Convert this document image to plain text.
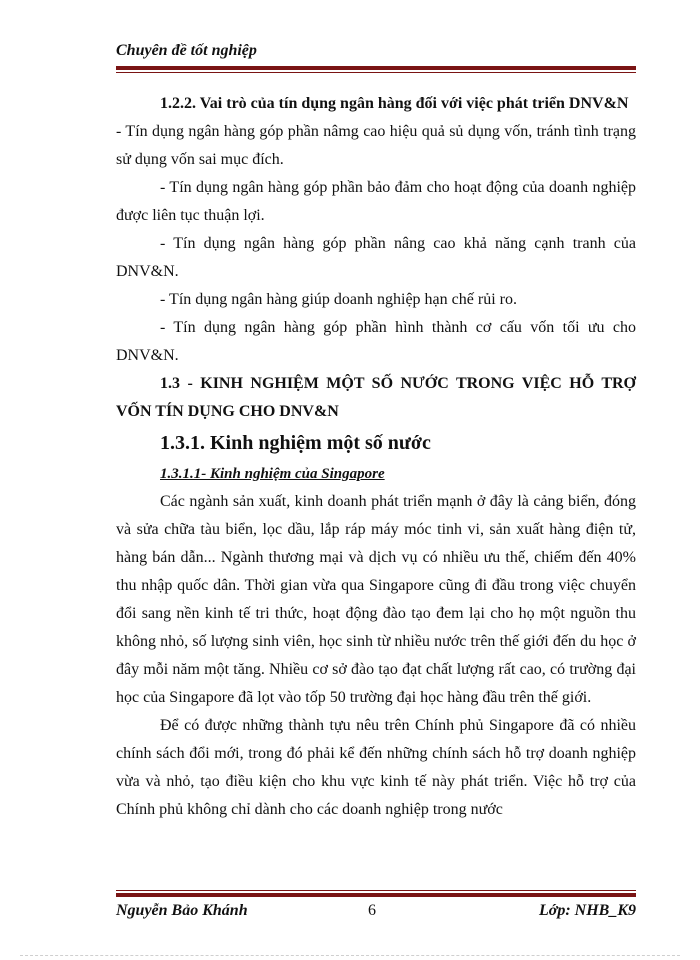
Chuyên đề tốt nghiệp

1.2.2. Vai trò của tín dụng ngân hàng đối với việc phát triển DNV&N

- Tín dụng ngân hàng góp phần nâmg cao hiệu quả sủ dụng vốn, tránh tình trạng sử dụng vốn sai mục đích.

- Tín dụng ngân hàng góp phần bảo đảm cho hoạt động của doanh nghiệp được liên tục thuận lợi.

- Tín dụng ngân hàng góp phần nâng cao khả năng cạnh tranh của DNV&N.

- Tín dụng ngân hàng giúp doanh nghiệp hạn chế rủi ro.

- Tín dụng ngân hàng góp phần hình thành cơ cấu vốn tối ưu cho DNV&N.

1.3 - KINH NGHIỆM MỘT SỐ NƯỚC TRONG VIỆC HỖ TRỢ VỐN TÍN DỤNG CHO DNV&N

1.3.1. Kinh nghiệm một số nước

1.3.1.1- Kinh nghiệm của Singapore

Các ngành sản xuất, kinh doanh phát triển mạnh ở đây là cảng biển, đóng và sửa chữa tàu biển, lọc dầu, lắp ráp máy móc tinh vi, sản xuất hàng điện tử, hàng bán dẫn... Ngành thương mại và dịch vụ có nhiều ưu thế, chiếm đến 40% thu nhập quốc dân. Thời gian vừa qua Singapore cũng đi đầu trong việc chuyển đổi sang nền kinh tế tri thức, hoạt động đào tạo đem lại cho họ một nguồn thu không nhỏ, số lượng sinh viên, học sinh từ nhiều nước trên thế giới đến du học ở đây mỗi năm một tăng. Nhiều cơ sở đào tạo đạt chất lượng rất cao, có trường đại học của Singapore đã lọt vào tốp 50 trường đại học hàng đầu trên thế giới.

Để có được những thành tựu nêu trên Chính phủ Singapore đã có nhiều chính sách đổi mới, trong đó phải kể đến những chính sách hỗ trợ doanh nghiệp vừa và nhỏ, tạo điều kiện cho khu vực kinh tế này phát triển. Việc hỗ trợ của Chính phủ không chỉ dành cho các doanh nghiệp trong nước

Nguyễn Bảo Khánh	6	Lớp: NHB_K9
